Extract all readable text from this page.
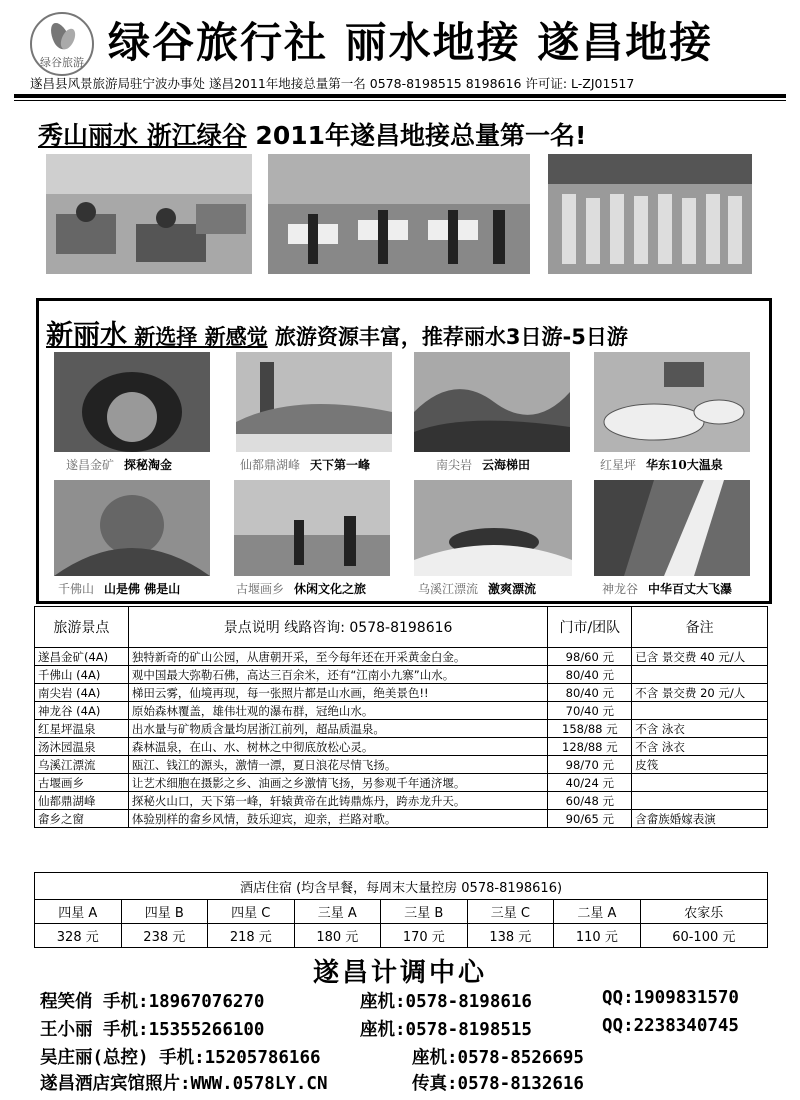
绿谷旅游 绿谷旅行社 丽水地接 遂昌地接
遂昌县风景旅游局驻宁波办事处 遂昌2011年地接总量第一名 0578-8198515 8198616 许可证: L-ZJ01517
秀山丽水 浙江绿谷 2011年遂昌地接总量第一名!
新丽水 新选择 新感觉 旅游资源丰富，推荐丽水3日游-5日游
遂昌金矿 探秘淘金	仙都鼎湖峰 天下第一峰	南尖岩 云海梯田	红星坪 华东10大温泉
千佛山 山是佛 佛是山	古堰画乡 休闲文化之旅	乌溪江漂流 激爽漂流	神龙谷 中华百丈大飞瀑
旅游景点	景点说明 线路咨询: 0578-8198616	门市/团队	备注
遂昌金矿(4A)	独特新奇的矿山公园，从唐朝开采，至今每年还在开采黄金白金。	98/60 元	已含 景交费 40 元/人
千佛山 (4A)	观中国最大弥勒石佛，高达三百余米，还有“江南小九寨”山水。	80/40 元	
南尖岩 (4A)	梯田云雾，仙境再现，每一张照片都是山水画，绝美景色!!	80/40 元	不含 景交费 20 元/人
神龙谷 (4A)	原始森林覆盖，雄伟壮观的瀑布群，冠绝山水。	70/40 元	
红星坪温泉	出水量与矿物质含量均居浙江前列，超品质温泉。	158/88 元	不含 泳衣
汤沐园温泉	森林温泉，在山、水、树林之中彻底放松心灵。	128/88 元	不含 泳衣
乌溪江漂流	瓯江、钱江的源头，激情一漂，夏日浪花尽情飞扬。	98/70 元	皮筏
古堰画乡	让艺术细胞在摄影之乡、油画之乡激情飞扬，另参观千年通济堰。	40/24 元	
仙都鼎湖峰	探秘火山口，天下第一峰，轩辕黄帝在此铸鼎炼丹，跨赤龙升天。	60/48 元	
畲乡之窗	体验别样的畲乡风情，鼓乐迎宾，迎亲，拦路对歌。	90/65 元	含畲族婚嫁表演
酒店住宿 (均含早餐，每周末大量控房 0578-8198616)							
四星 A	四星 B	四星 C	三星 A	三星 B	三星 C	二星 A	农家乐
328 元	238 元	218 元	180 元	170 元	138 元	110 元	60-100 元
遂昌计调中心
程笑俏 手机:18967076270	座机:0578-8198616	QQ:1909831570
王小丽 手机:15355266100	座机:0578-8198515	QQ:2238340745
吴庄丽(总控) 手机:15205786166	座机:0578-8526695
遂昌酒店宾馆照片:WWW.0578LY.CN	传真:0578-8132616
